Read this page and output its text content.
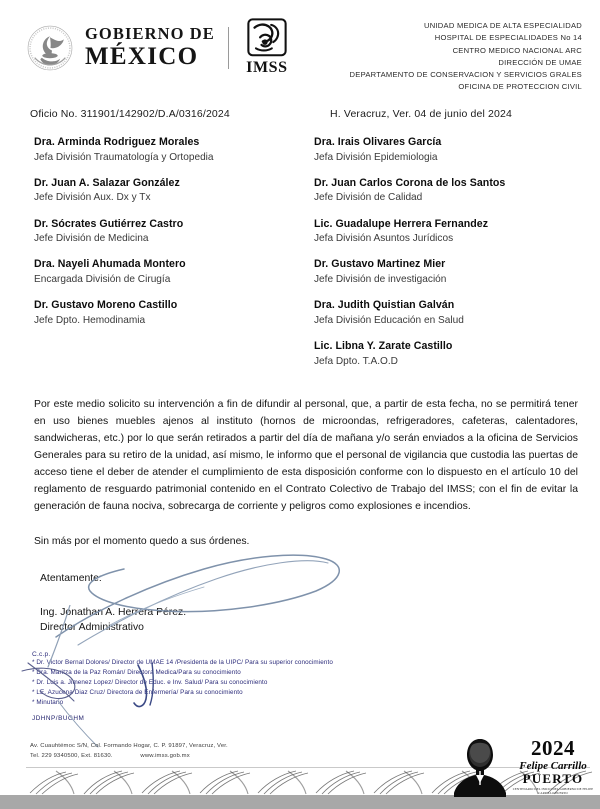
GOBIERNO DE
MÉXICO	IMSS
UNIDAD MEDICA DE ALTA ESPECIALIDAD
HOSPITAL DE ESPECIALIDADES No 14
CENTRO MEDICO NACIONAL ARC
DIRECCIÓN DE UMAE
DEPARTAMENTO DE CONSERVACION Y SERVICIOS GRALES
OFICINA DE PROTECCION CIVIL
Oficio No. 311901/142902/D.A/0316/2024	H. Veracruz, Ver. 04 de junio del 2024
Dra. Arminda Rodriguez Morales
Jefa División Traumatología y Ortopedia
Dr. Juan A. Salazar González
Jefe División Aux. Dx y Tx
Dr. Sócrates Gutiérrez Castro
Jefe División de Medicina
Dra. Nayeli Ahumada Montero
Encargada División de Cirugía
Dr. Gustavo Moreno Castillo
Jefe Dpto. Hemodinamia
Dra. Irais Olivares García
Jefa División Epidemiologia
Dr. Juan Carlos Corona de los Santos
Jefe División de Calidad
Lic. Guadalupe Herrera Fernandez
Jefa División Asuntos Jurídicos
Dr. Gustavo Martinez Mier
Jefe División de investigación
Dra. Judith Quistian Galván
Jefa División Educación en Salud
Lic. Libna Y. Zarate Castillo
Jefa Dpto. T.A.O.D
Por este medio solicito su intervención a fin de difundir al personal, que, a partir de esta fecha, no se permitirá tener en uso bienes muebles ajenos al instituto (hornos de microondas, refrigeradores, cafeteras, calentadores, sandwicheras, etc.) por lo que serán retirados a partir del día de mañana y/o serán enviados a la oficina de Servicios Generales para su retiro de la unidad, así mismo, le informo que el personal de vigilancia que custodia las puertas de acceso tiene el deber de atender el cumplimiento de esta disposición conforme con lo dispuesto en el artículo 10 del reglamento de resguardo patrimonial contenido en el Contrato Colectivo de Trabajo del IMSS; con el fin de evitar la generación de fauna nociva, sobrecarga de corriente y peligros como explosiones e incendios.
Sin más por el momento quedo a sus órdenes.
Atentamente:
Ing. Jonathan A. Herrera Pérez.
Director Administrativo
C.c.p.
* Dr. Victor Bernal Dolores/ Director de UMAE 14 /Presidenta de la UIPC/ Para su superior conocimiento
* Dra. Maritza de la Paz Román/ Directora Medica/Para su conocimiento
* Dr. Luis a. Jimenez Lopez/ Director de Educ. e Inv. Salud/ Para su conocimiento
* LE. Azucena Diaz Cruz/ Directora de Enfermería/ Para su conocimiento
* Minutario
JDHNP/BUGHM
Av. Cuauhtémoc S/N, Col. Formando Hogar, C. P. 91897, Veracruz, Ver.
Tel. 229 9340500, Ext. 81630.	www.imss.gob.mx	2024
Felipe Carrillo
PUERTO
CENTENARIO DEL INICIO DEL GOBIERNO DE FELIPE CARRILLO PUERTO
